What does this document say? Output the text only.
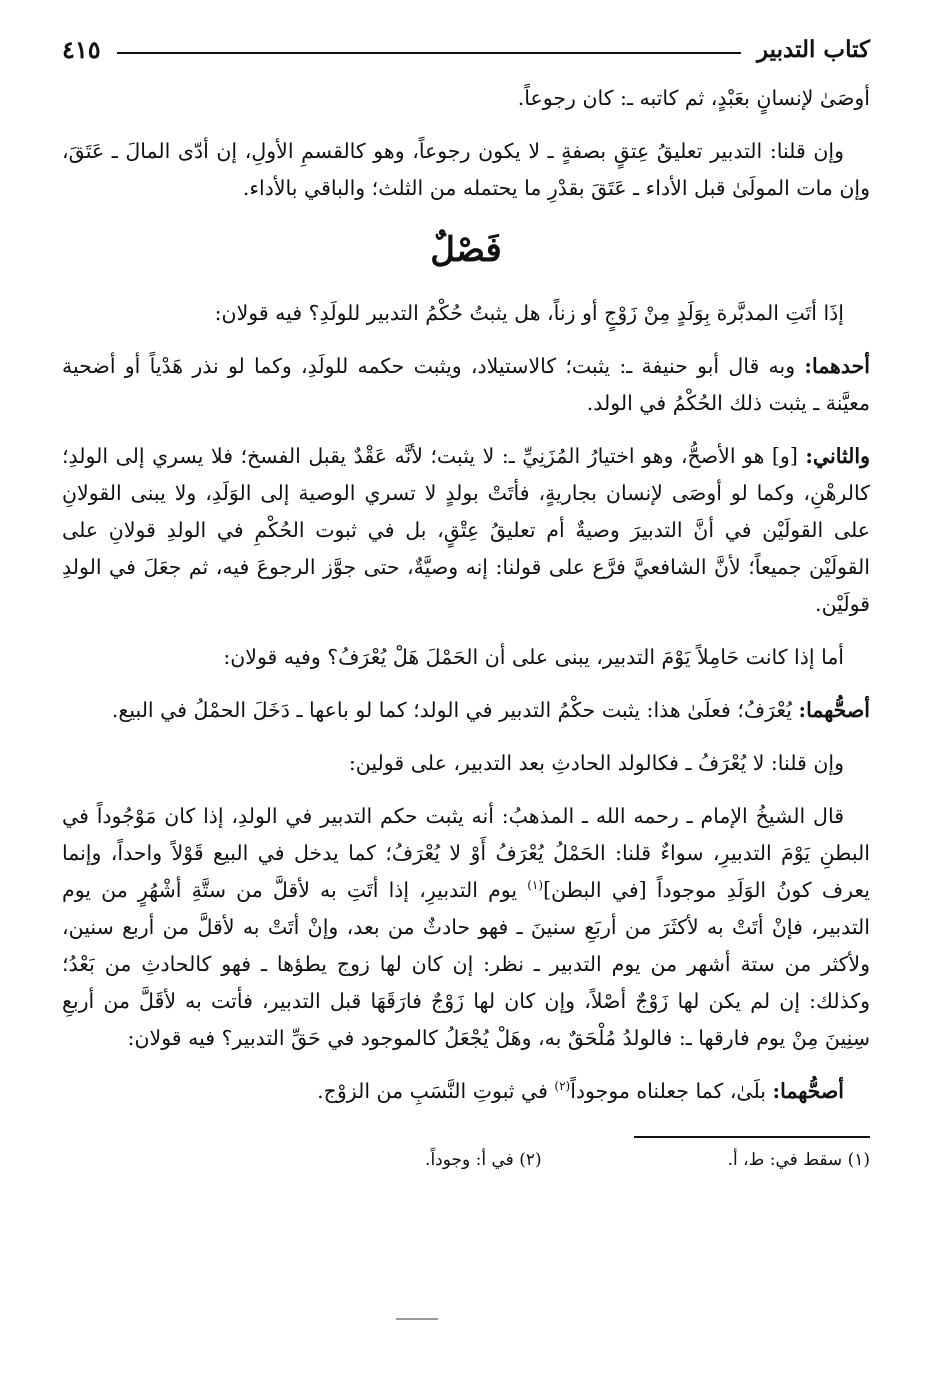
كتاب التدبير
٤١٥

أوصَىٰ لإنسانٍ بعَبْدٍ، ثم كاتبه ـ: كان رجوعاً.

وإن قلنا: التدبير تعليقُ عِتقٍ بصفةٍ ـ لا يكون رجوعاً، وهو كالقسمِ الأولِ، إن أدّى المالَ ـ عَتَقَ، وإن مات المولَىٰ قبل الأداء ـ عَتَقَ بقدْرِ ما يحتمله من الثلث؛ والباقي بالأداء.

فَصْلٌ

إذَا أتَتِ المدبَّرة بِوَلَدٍ مِنْ زَوْجٍ أو زناً، هل يثبتُ حُكْمُ التدبير للولَدِ؟ فيه قولان:

أحدهما: وبه قال أبو حنيفة ـ: يثبت؛ كالاستيلاد، ويثبت حكمه للولَدِ، وكما لو نذر هَدْياً أو أضحية معيَّنة ـ يثبت ذلك الحُكْمُ في الولد.

والثاني: [و] هو الأصحُّ، وهو اختيارُ المُزَنِيِّ ـ: لا يثبت؛ لأنَّه عَقْدٌ يقبل الفسخ؛ فلا يسري إلى الولدِ؛ كالرهْنِ، وكما لو أوصَى لإنسان بجاريةٍ، فأتَتْ بولدٍ لا تسري الوصية إلى الوَلَدِ، ولا يبنى القولانِ على القولَيْن في أنَّ التدبيرَ وصيةٌ أم تعليقُ عِتْقٍ، بل في ثبوت الحُكْمِ في الولدِ قولانِ على القولَيْن جميعاً؛ لأنَّ الشافعيَّ فرَّع على قولنا: إنه وصيَّةٌ، حتى جوَّز الرجوعَ فيه، ثم جعَلَ في الولدِ قولَيْن.

أما إذا كانت حَامِلاً يَوْمَ التدبير، يبنى على أن الحَمْلَ هَلْ يُعْرَفُ؟ وفيه قولان:

أصحُّهما: يُعْرَفُ؛ فعلَىٰ هذا: يثبت حكْمُ التدبير في الولد؛ كما لو باعها ـ دَخَلَ الحمْلُ في البيع.

وإن قلنا: لا يُعْرَفُ ـ فكالولد الحادثِ بعد التدبير، على قولين:

قال الشيخُ الإمام ـ رحمه الله ـ المذهبُ: أنه يثبت حكم التدبير في الولدِ، إذا كان مَوْجُوداً في البطنِ يَوْمَ التدبيرِ، سواءٌ قلنا: الحَمْلُ يُعْرَفُ أَوْ لا يُعْرَفُ؛ كما يدخل في البيع قَوْلاً واحداً، وإنما يعرف كونُ الوَلَدِ موجوداً [في البطن]$^{(١)}$ يوم التدبيرِ، إذا أتَتِ به لأقلَّ من ستَّةِ أشْهُرٍ من يوم التدبير، فإنْ أتَتْ به لأكثَرَ من أربَعِ سنينَ ـ فهو حادثٌ من بعد، وإنْ أتَتْ به لأقلَّ من أربع سنين، ولأكثر من ستة أشهر من يوم التدبير ـ نظر: إن كان لها زوج يطؤها ـ فهو كالحادثِ من بَعْدُ؛ وكذلك: إن لم يكن لها زَوْجٌ أصْلاً، وإن كان لها زَوْجٌ فارَقَهَا قبل التدبير، فأتت به لأقَلَّ من أربعِ سِنِينَ مِنْ يوم فارقها ـ: فالولدُ مُلْحَقٌ به، وهَلْ يُجْعَلُ كالموجود في حَقِّ التدبير؟ فيه قولان:

أصحُّهما: بلَىٰ، كما جعلناه موجوداً$^{(٢)}$ في ثبوتِ النَّسَبِ من الزوْج.

(١) سقط في: ط، أ.
(٢) في أ: وجوداً.
